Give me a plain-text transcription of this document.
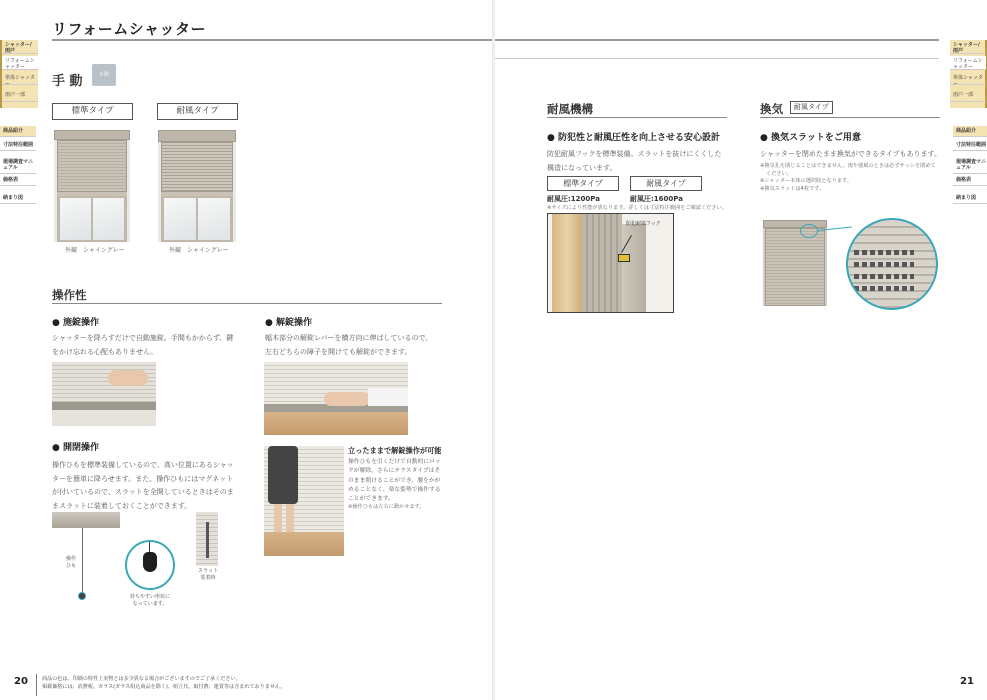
リフォームシャッター
シャッター/雨戸
リフォームシャッター
単体シャッター
雨戸一部
商品紹介
寸法特注範囲
現場調査マニュアル
価格表
納まり図
手 動	手動
標準タイプ	耐風タイプ
外観　シャイングレー	外観　シャイングレー
操作性
● 施錠操作
シャッターを降ろすだけで自動施錠。手間もかからず、鍵
をかけ忘れる心配もありません。
● 解錠操作
幅木部分の解錠レバーを横方向に伸ばしているので、
左右どちらの障子を開けても解錠ができます。
● 開閉操作
操作ひもを標準装備しているので、高い位置にあるシャッ
ターを簡単に降ろせます。また、操作ひもにはマグネット
が付いているので、スラットを全開しているときはそのま
まスラットに装着しておくことができます。
操作
ひも
持ちやすい形状に
なっています。
スラット
装着時
立ったままで解錠操作が可能
操作ひもを引くだけで自動的にロッ
クが解除。さらにテラスタイプはそ
のまま開けることができ、腰をかが
めることなく、楽な姿勢で操作する
ことができます。
※操作ひもは左右に動かせます。
20	商品の色は、印刷の特性上実物とは多少異なる場合がございますのでご了承ください。
掲載価格には、消費税、ガラス(ガラス組込商品を除く)、組立代、取付費、運賃等は含まれておりません。
シャッター/雨戸
リフォームシャッター
単体シャッター
雨戸一部
商品紹介
寸法特注範囲
現場調査マニュアル
価格表
納まり図
耐風機構
● 防犯性と耐風圧性を向上させる安心設計
防犯耐風フックを標準装備。スラットを抜けにくくした
構造になっています。
標準タイプ	耐風タイプ
耐風圧:1200Pa	耐風圧:1600Pa
※サイズにより性能が異なります。詳しくは寸法特注範囲をご確認ください。
防犯耐風フック
換気	耐風タイプ
● 換気スラットをご用意
シャッターを閉めたまま換気ができるタイプもあります。
※換気孔を閉じることはできません。雨や強風のときは必ずサッシを閉めて
ください。
※シャッター本体の選択肢となります。
※換気スラットは4枚です。
21
